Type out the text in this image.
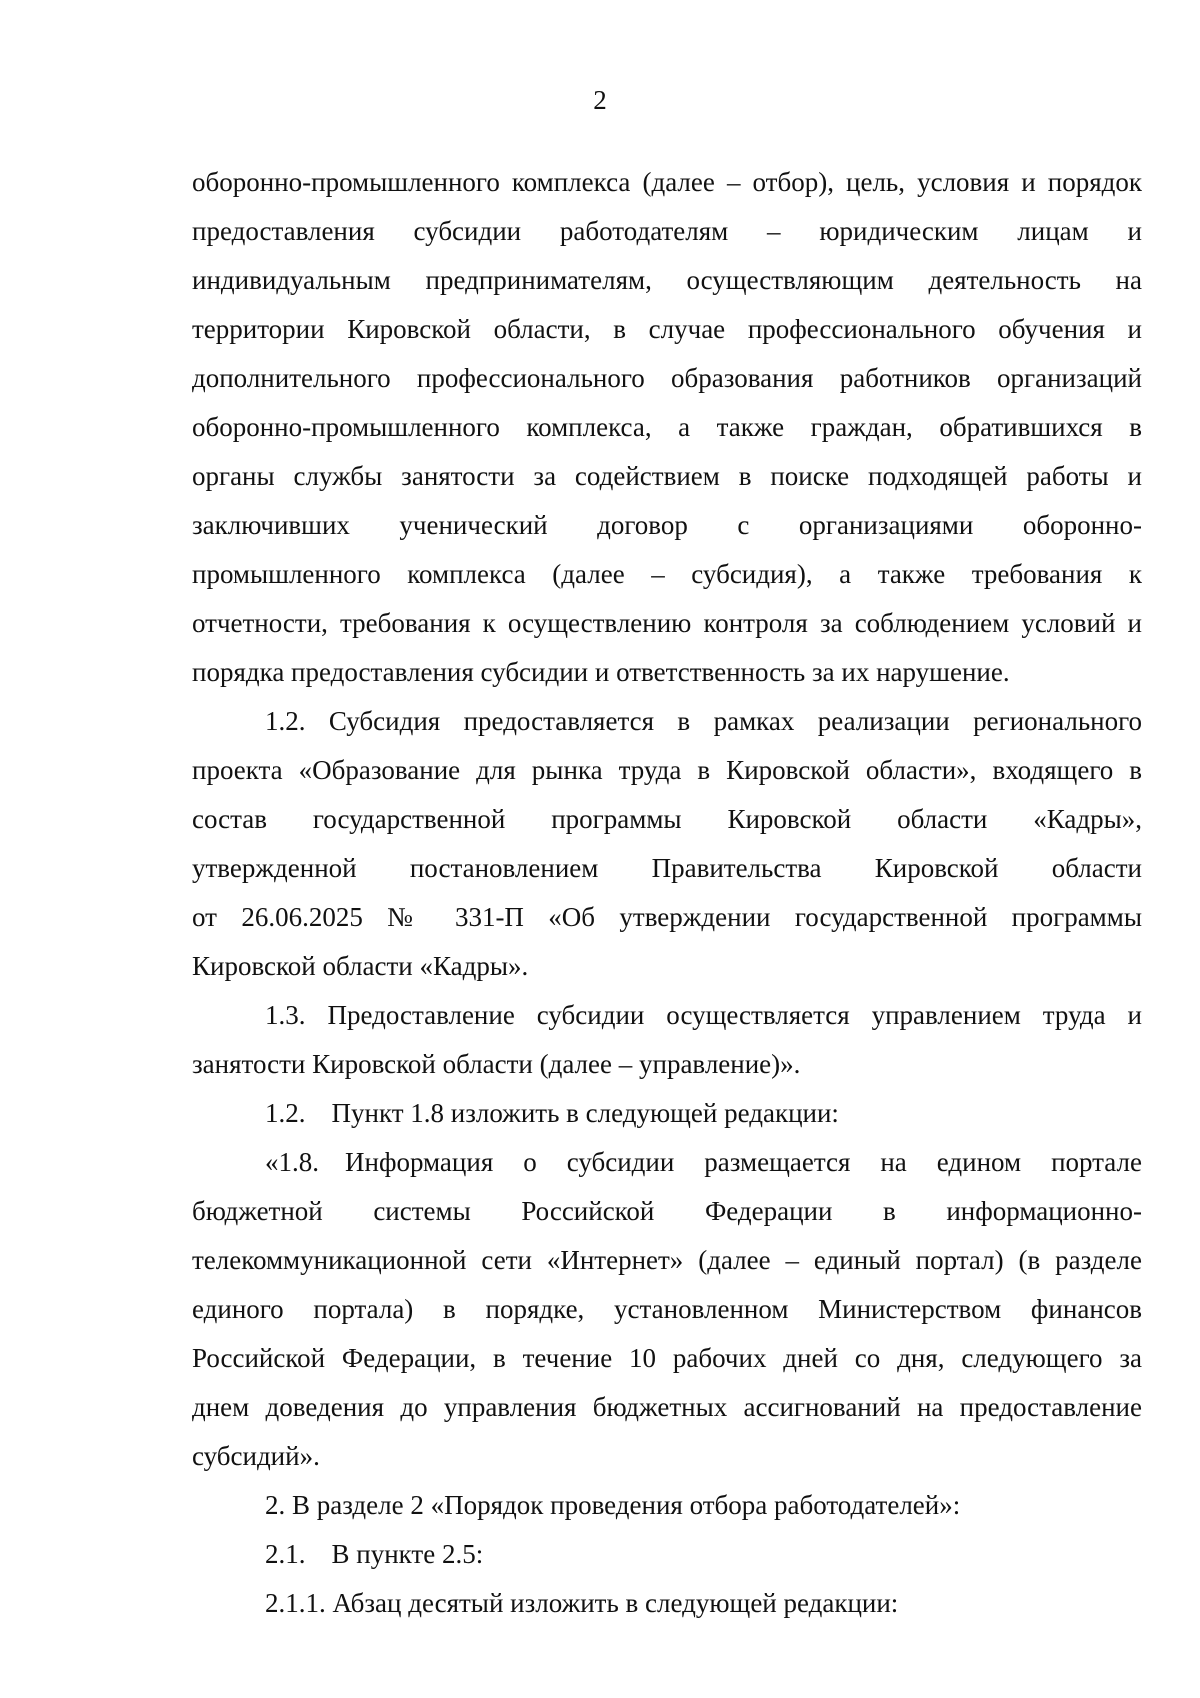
2
оборонно-промышленного комплекса (далее – отбор), цель, условия и порядок
предоставления субсидии работодателям – юридическим лицам и
индивидуальным предпринимателям, осуществляющим деятельность на
территории Кировской области, в случае профессионального обучения и
дополнительного профессионального образования работников организаций
оборонно-промышленного комплекса, а также граждан, обратившихся в
органы службы занятости за содействием в поиске подходящей работы и
заключивших ученический договор с организациями оборонно-
промышленного комплекса (далее – субсидия), а также требования к
отчетности, требования к осуществлению контроля за соблюдением условий и
порядка предоставления субсидии и ответственность за их нарушение.
1.2. Субсидия предоставляется в рамках реализации регионального
проекта «Образование для рынка труда в Кировской области», входящего в
состав государственной программы Кировской области «Кадры»,
утвержденной постановлением Правительства Кировской области
от 26.06.2025 № 331-П «Об утверждении государственной программы
Кировской области «Кадры».
1.3. Предоставление субсидии осуществляется управлением труда и
занятости Кировской области (далее – управление)».
1.2. Пункт 1.8 изложить в следующей редакции:
«1.8. Информация о субсидии размещается на едином портале
бюджетной системы Российской Федерации в информационно-
телекоммуникационной сети «Интернет» (далее – единый портал) (в разделе
единого портала) в порядке, установленном Министерством финансов
Российской Федерации, в течение 10 рабочих дней со дня, следующего за
днем доведения до управления бюджетных ассигнований на предоставление
субсидий».
2. В разделе 2 «Порядок проведения отбора работодателей»:
2.1. В пункте 2.5:
2.1.1. Абзац десятый изложить в следующей редакции:
